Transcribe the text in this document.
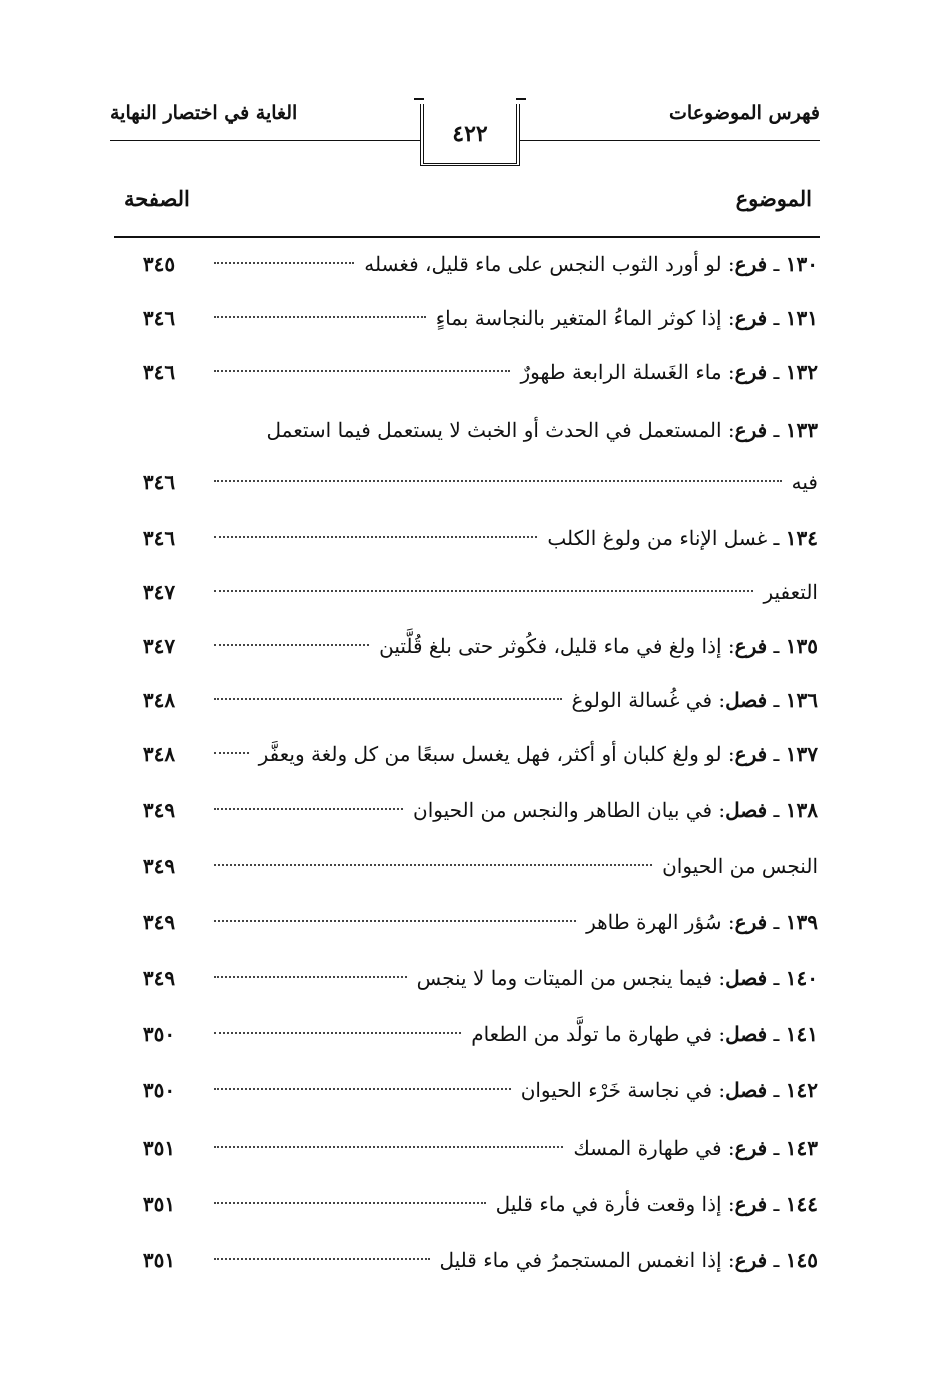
فهرس الموضوعات
الغاية في اختصار النهاية
٤٢٢
الموضوع
الصفحة
١٣٠ ـ فرع: لو أورد الثوب النجس على ماء قليل، فغسله
٣٤٥
١٣١ ـ فرع: إذا كوثر الماءُ المتغير بالنجاسة بماءٍ
٣٤٦
١٣٢ ـ فرع: ماء الغَسلة الرابعة طهورٌ
٣٤٦
١٣٣ ـ فرع: المستعمل في الحدث أو الخبث لا يستعمل فيما استعمل
فيه
٣٤٦
١٣٤ ـ غسل الإناء من ولوغ الكلب
٣٤٦
التعفير
٣٤٧
١٣٥ ـ فرع: إذا ولغ في ماء قليل، فكُوثر حتى بلغ قُلَّتين
٣٤٧
١٣٦ ـ فصل: في غُسالة الولوغ
٣٤٨
١٣٧ ـ فرع: لو ولغ كلبان أو أكثر، فهل يغسل سبعًا من كل ولغة ويعفَّر
٣٤٨
١٣٨ ـ فصل: في بيان الطاهر والنجس من الحيوان
٣٤٩
النجس من الحيوان
٣٤٩
١٣٩ ـ فرع: سُؤر الهرة طاهر
٣٤٩
١٤٠ ـ فصل: فيما ينجس من الميتات وما لا ينجس
٣٤٩
١٤١ ـ فصل: في طهارة ما تولَّد من الطعام
٣٥٠
١٤٢ ـ فصل: في نجاسة خَرْء الحيوان
٣٥٠
١٤٣ ـ فرع: في طهارة المسك
٣٥١
١٤٤ ـ فرع: إذا وقعت فأرة في ماء قليل
٣٥١
١٤٥ ـ فرع: إذا انغمس المستجمرُ في ماء قليل
٣٥١
